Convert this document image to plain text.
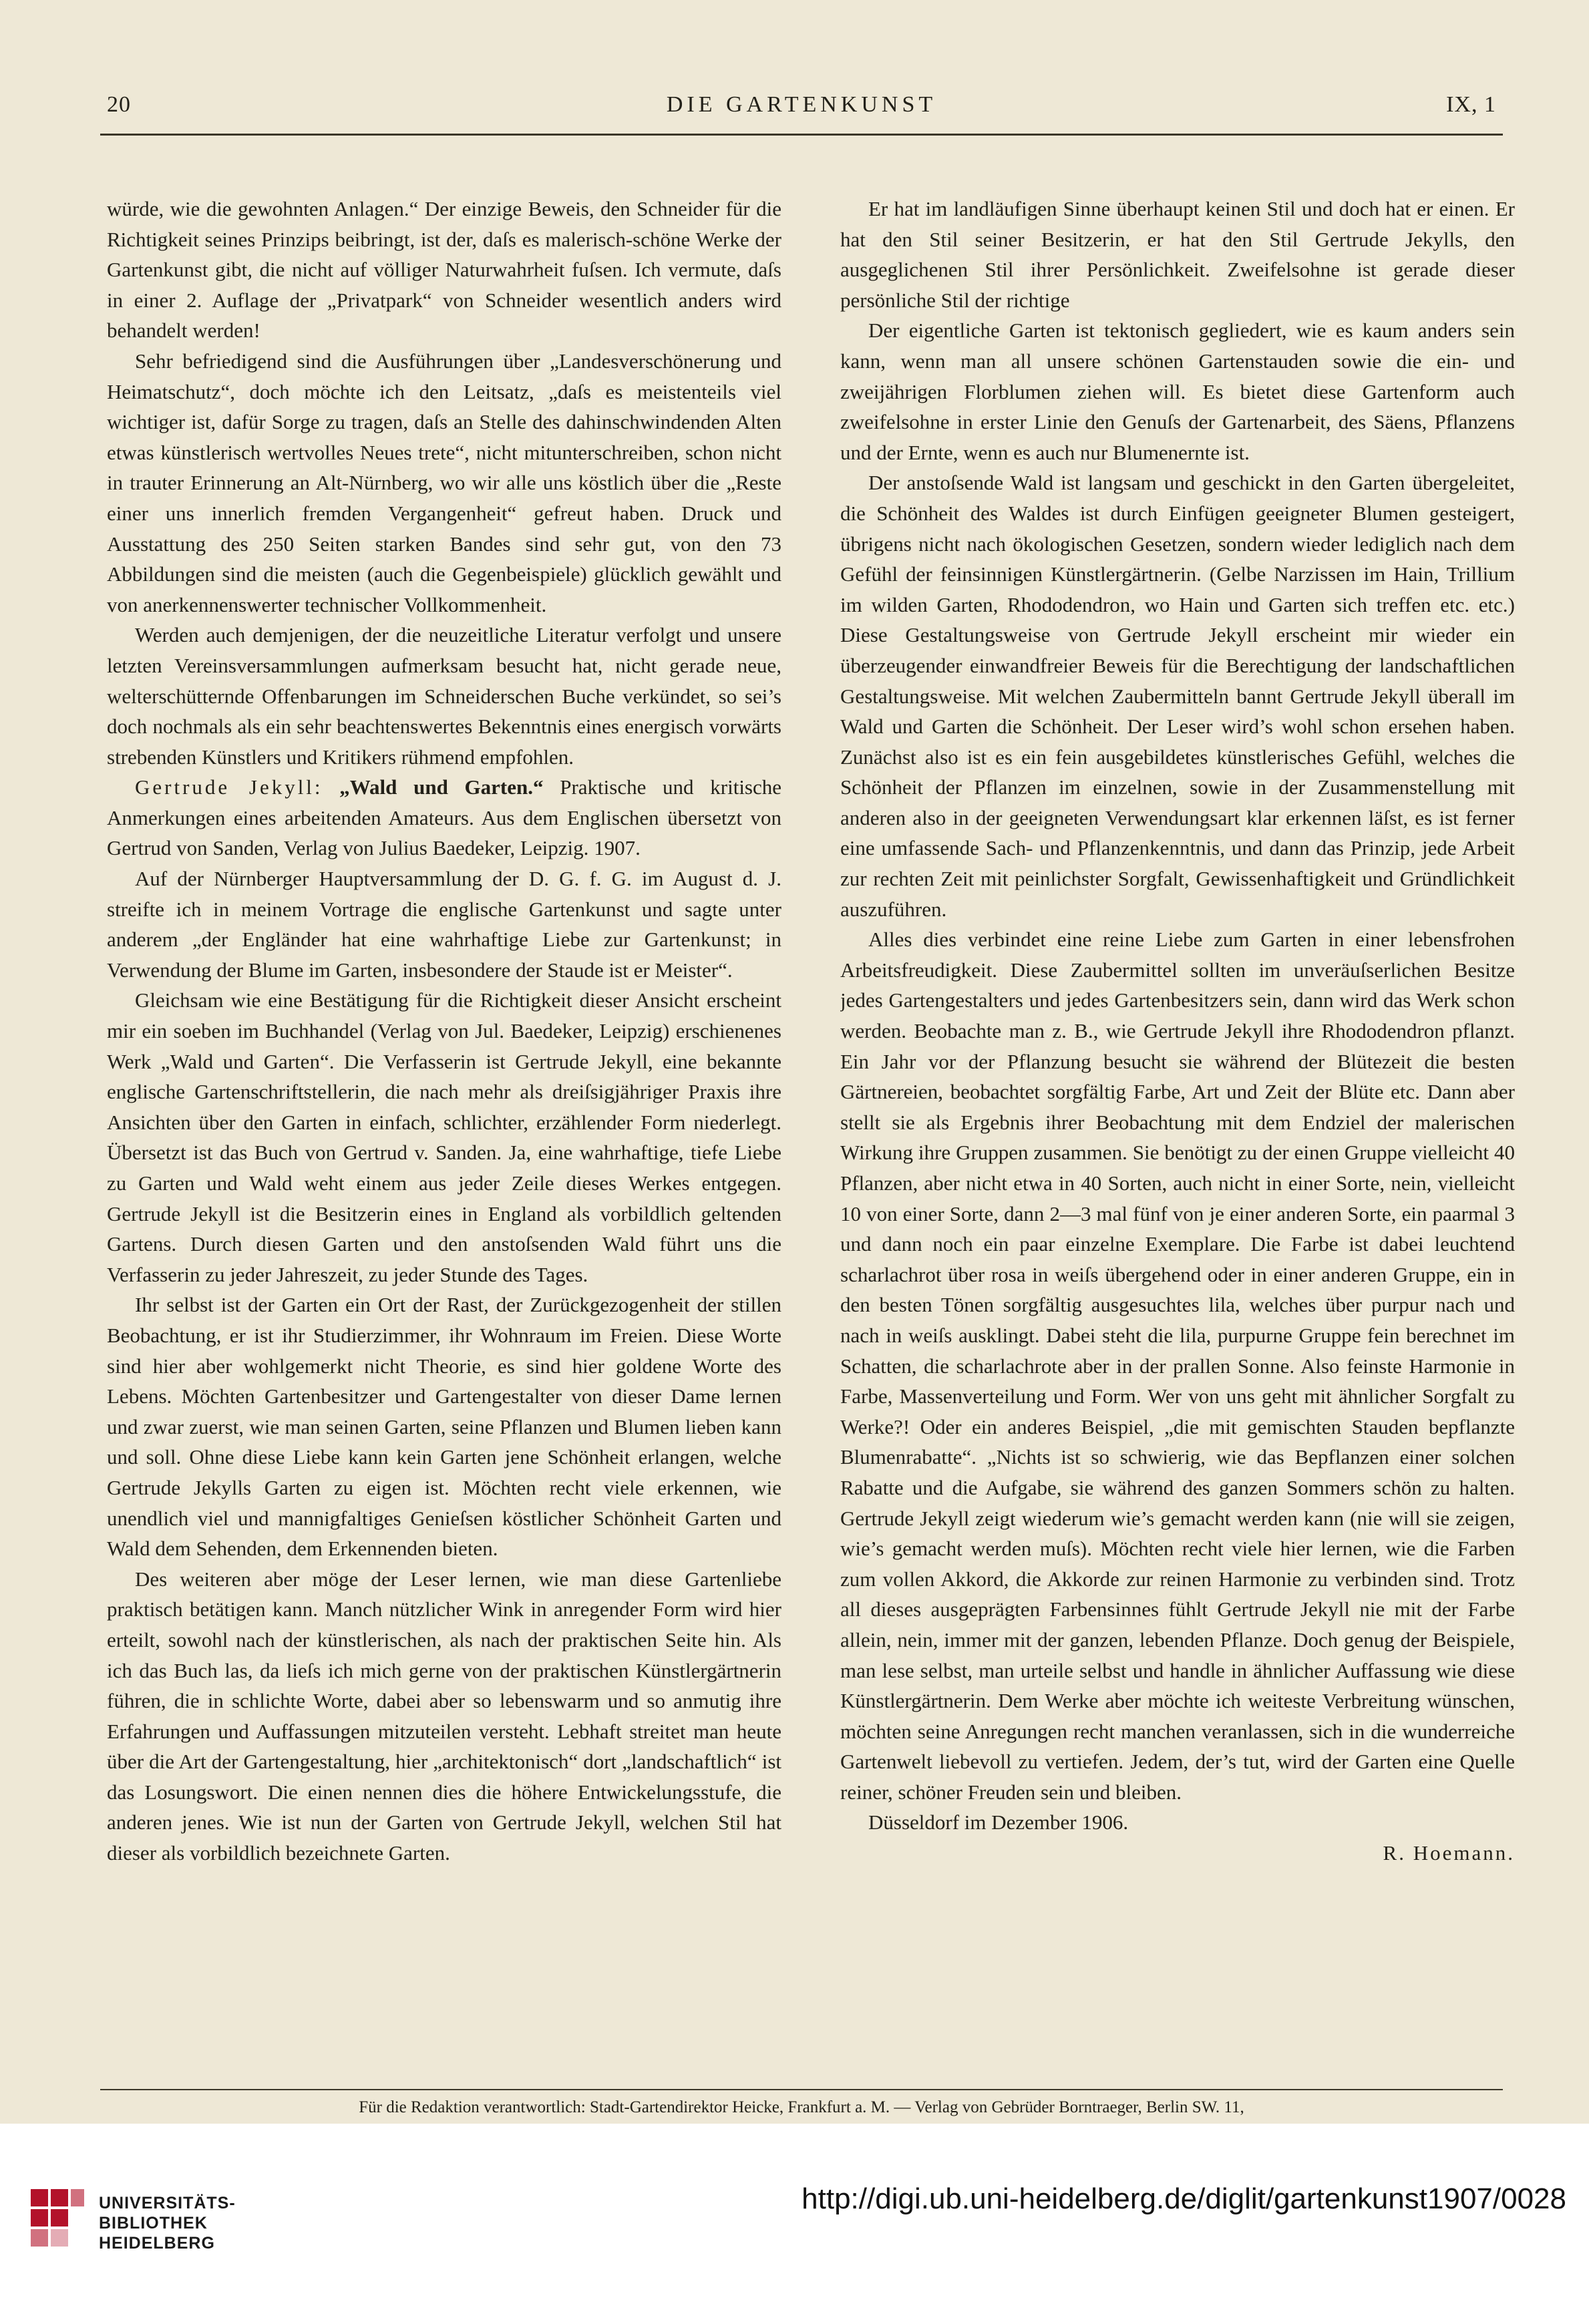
20	DIE GARTENKUNST	IX, 1

würde, wie die gewohnten Anlagen.“ Der einzige Beweis, den Schneider für die Richtigkeit seines Prinzips beibringt, ist der, daſs es malerisch-schöne Werke der Gartenkunst gibt, die nicht auf völliger Naturwahrheit fuſsen. Ich vermute, daſs in einer 2. Auflage der „Privatpark“ von Schneider wesentlich anders wird behandelt werden!

Sehr befriedigend sind die Ausführungen über „Landesverschönerung und Heimatschutz“, doch möchte ich den Leitsatz, „daſs es meistenteils viel wichtiger ist, dafür Sorge zu tragen, daſs an Stelle des dahinschwindenden Alten etwas künstlerisch wertvolles Neues trete“, nicht mitunterschreiben, schon nicht in trauter Erinnerung an Alt-Nürnberg, wo wir alle uns köstlich über die „Reste einer uns innerlich fremden Vergangenheit“ gefreut haben. Druck und Ausstattung des 250 Seiten starken Bandes sind sehr gut, von den 73 Abbildungen sind die meisten (auch die Gegenbeispiele) glücklich gewählt und von anerkennenswerter technischer Vollkommenheit.

Werden auch demjenigen, der die neuzeitliche Literatur verfolgt und unsere letzten Vereinsversammlungen aufmerksam besucht hat, nicht gerade neue, welterschütternde Offenbarungen im Schneiderschen Buche verkündet, so sei’s doch nochmals als ein sehr beachtenswertes Bekenntnis eines energisch vorwärts strebenden Künstlers und Kritikers rühmend empfohlen.

Gertrude Jekyll: „Wald und Garten.“ Praktische und kritische Anmerkungen eines arbeitenden Amateurs. Aus dem Englischen übersetzt von Gertrud von Sanden, Verlag von Julius Baedeker, Leipzig. 1907.

Auf der Nürnberger Hauptversammlung der D. G. f. G. im August d. J. streifte ich in meinem Vortrage die englische Gartenkunst und sagte unter anderem „der Engländer hat eine wahrhaftige Liebe zur Gartenkunst; in Verwendung der Blume im Garten, insbesondere der Staude ist er Meister“.

Gleichsam wie eine Bestätigung für die Richtigkeit dieser Ansicht erscheint mir ein soeben im Buchhandel (Verlag von Jul. Baedeker, Leipzig) erschienenes Werk „Wald und Garten“. Die Verfasserin ist Gertrude Jekyll, eine bekannte englische Gartenschriftstellerin, die nach mehr als dreiſsigjähriger Praxis ihre Ansichten über den Garten in einfach, schlichter, erzählender Form niederlegt. Übersetzt ist das Buch von Gertrud v. Sanden. Ja, eine wahrhaftige, tiefe Liebe zu Garten und Wald weht einem aus jeder Zeile dieses Werkes entgegen. Gertrude Jekyll ist die Besitzerin eines in England als vorbildlich geltenden Gartens. Durch diesen Garten und den anstoſsenden Wald führt uns die Verfasserin zu jeder Jahreszeit, zu jeder Stunde des Tages.

Ihr selbst ist der Garten ein Ort der Rast, der Zurückgezogenheit der stillen Beobachtung, er ist ihr Studierzimmer, ihr Wohnraum im Freien. Diese Worte sind hier aber wohlgemerkt nicht Theorie, es sind hier goldene Worte des Lebens. Möchten Gartenbesitzer und Gartengestalter von dieser Dame lernen und zwar zuerst, wie man seinen Garten, seine Pflanzen und Blumen lieben kann und soll. Ohne diese Liebe kann kein Garten jene Schönheit erlangen, welche Gertrude Jekylls Garten zu eigen ist. Möchten recht viele erkennen, wie unendlich viel und mannigfaltiges Genieſsen köstlicher Schönheit Garten und Wald dem Sehenden, dem Erkennenden bieten.

Des weiteren aber möge der Leser lernen, wie man diese Gartenliebe praktisch betätigen kann. Manch nützlicher Wink in anregender Form wird hier erteilt, sowohl nach der künstlerischen, als nach der praktischen Seite hin. Als ich das Buch las, da lieſs ich mich gerne von der praktischen Künstlergärtnerin führen, die in schlichte Worte, dabei aber so lebenswarm und so anmutig ihre Erfahrungen und Auffassungen mitzuteilen versteht. Lebhaft streitet man heute über die Art der Gartengestaltung, hier „architektonisch“ dort „landschaftlich“ ist das Losungswort. Die einen nennen dies die höhere Entwickelungsstufe, die anderen jenes. Wie ist nun der Garten von Gertrude Jekyll, welchen Stil hat dieser als vorbildlich bezeichnete Garten.

Er hat im landläufigen Sinne überhaupt keinen Stil und doch hat er einen. Er hat den Stil seiner Besitzerin, er hat den Stil Gertrude Jekylls, den ausgeglichenen Stil ihrer Persönlichkeit. Zweifelsohne ist gerade dieser persönliche Stil der richtige

Der eigentliche Garten ist tektonisch gegliedert, wie es kaum anders sein kann, wenn man all unsere schönen Gartenstauden sowie die ein- und zweijährigen Florblumen ziehen will. Es bietet diese Gartenform auch zweifelsohne in erster Linie den Genuſs der Gartenarbeit, des Säens, Pflanzens und der Ernte, wenn es auch nur Blumenernte ist.

Der anstoſsende Wald ist langsam und geschickt in den Garten übergeleitet, die Schönheit des Waldes ist durch Einfügen geeigneter Blumen gesteigert, übrigens nicht nach ökologischen Gesetzen, sondern wieder lediglich nach dem Gefühl der feinsinnigen Künstlergärtnerin. (Gelbe Narzissen im Hain, Trillium im wilden Garten, Rhododendron, wo Hain und Garten sich treffen etc. etc.) Diese Gestaltungsweise von Gertrude Jekyll erscheint mir wieder ein überzeugender einwandfreier Beweis für die Berechtigung der landschaftlichen Gestaltungsweise. Mit welchen Zaubermitteln bannt Gertrude Jekyll überall im Wald und Garten die Schönheit. Der Leser wird’s wohl schon ersehen haben. Zunächst also ist es ein fein ausgebildetes künstlerisches Gefühl, welches die Schönheit der Pflanzen im einzelnen, sowie in der Zusammenstellung mit anderen also in der geeigneten Verwendungsart klar erkennen läſst, es ist ferner eine umfassende Sach- und Pflanzenkenntnis, und dann das Prinzip, jede Arbeit zur rechten Zeit mit peinlichster Sorgfalt, Gewissenhaftigkeit und Gründlichkeit auszuführen.

Alles dies verbindet eine reine Liebe zum Garten in einer lebensfrohen Arbeitsfreudigkeit. Diese Zaubermittel sollten im unveräuſserlichen Besitze jedes Gartengestalters und jedes Gartenbesitzers sein, dann wird das Werk schon werden. Beobachte man z. B., wie Gertrude Jekyll ihre Rhododendron pflanzt. Ein Jahr vor der Pflanzung besucht sie während der Blütezeit die besten Gärtnereien, beobachtet sorgfältig Farbe, Art und Zeit der Blüte etc. Dann aber stellt sie als Ergebnis ihrer Beobachtung mit dem Endziel der malerischen Wirkung ihre Gruppen zusammen. Sie benötigt zu der einen Gruppe vielleicht 40 Pflanzen, aber nicht etwa in 40 Sorten, auch nicht in einer Sorte, nein, vielleicht 10 von einer Sorte, dann 2—3 mal fünf von je einer anderen Sorte, ein paarmal 3 und dann noch ein paar einzelne Exemplare. Die Farbe ist dabei leuchtend scharlachrot über rosa in weiſs übergehend oder in einer anderen Gruppe, ein in den besten Tönen sorgfältig ausgesuchtes lila, welches über purpur nach und nach in weiſs ausklingt. Dabei steht die lila, purpurne Gruppe fein berechnet im Schatten, die scharlachrote aber in der prallen Sonne. Also feinste Harmonie in Farbe, Massenverteilung und Form. Wer von uns geht mit ähnlicher Sorgfalt zu Werke?! Oder ein anderes Beispiel, „die mit gemischten Stauden bepflanzte Blumenrabatte“. „Nichts ist so schwierig, wie das Bepflanzen einer solchen Rabatte und die Aufgabe, sie während des ganzen Sommers schön zu halten. Gertrude Jekyll zeigt wiederum wie’s gemacht werden kann (nie will sie zeigen, wie’s gemacht werden muſs). Möchten recht viele hier lernen, wie die Farben zum vollen Akkord, die Akkorde zur reinen Harmonie zu verbinden sind. Trotz all dieses ausgeprägten Farbensinnes fühlt Gertrude Jekyll nie mit der Farbe allein, nein, immer mit der ganzen, lebenden Pflanze. Doch genug der Beispiele, man lese selbst, man urteile selbst und handle in ähnlicher Auffassung wie diese Künstlergärtnerin. Dem Werke aber möchte ich weiteste Verbreitung wünschen, möchten seine Anregungen recht manchen veranlassen, sich in die wunderreiche Gartenwelt liebevoll zu vertiefen. Jedem, der’s tut, wird der Garten eine Quelle reiner, schöner Freuden sein und bleiben.

Düsseldorf im Dezember 1906.

R. Hoemann.

Für die Redaktion verantwortlich: Stadt-Gartendirektor Heicke, Frankfurt a. M. — Verlag von Gebrüder Borntraeger, Berlin SW. 11,
UNIVERSITÄTS-
BIBLIOTHEK
HEIDELBERG
http://digi.ub.uni-heidelberg.de/diglit/gartenkunst1907/0028
